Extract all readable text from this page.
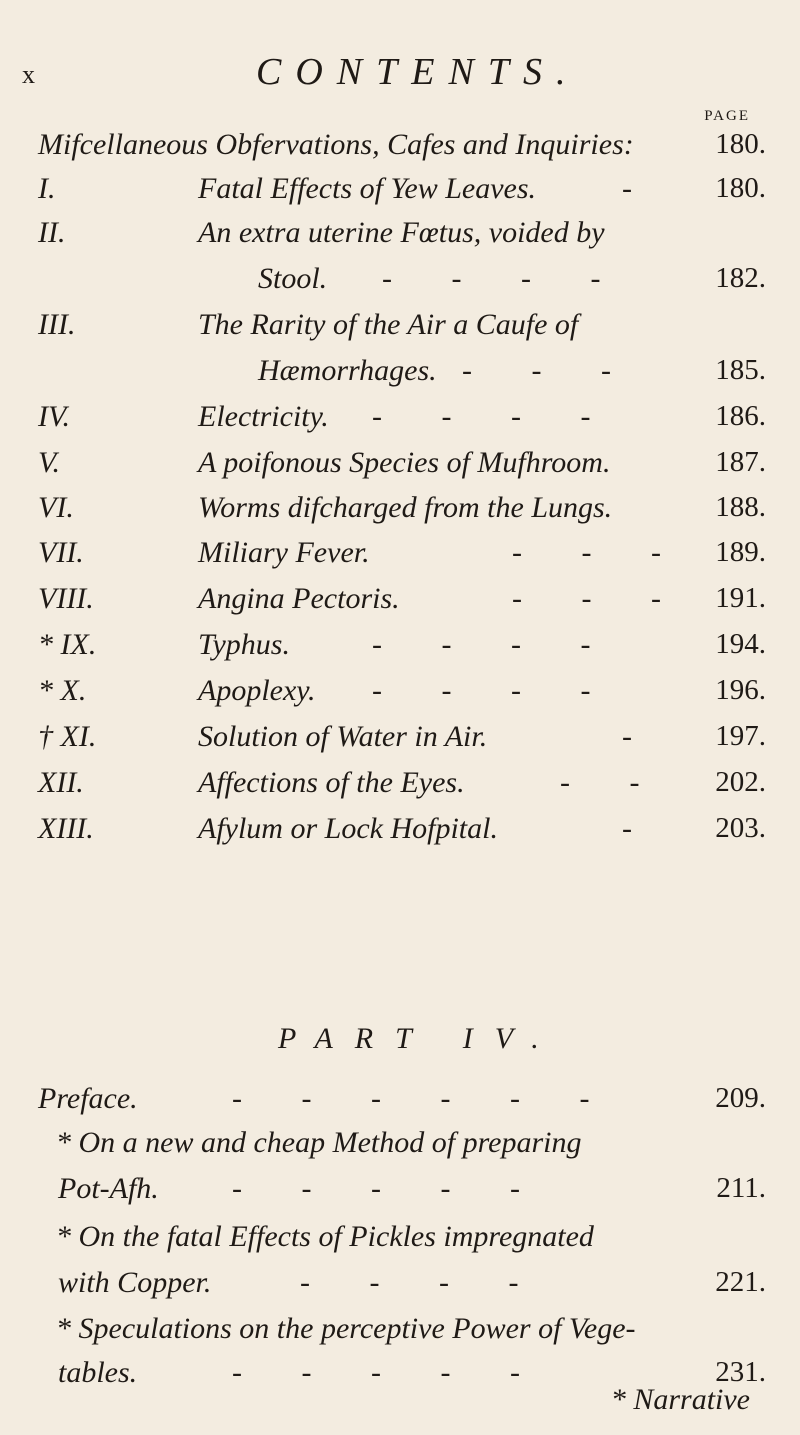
x	CONTENTS.
PAGE
Mifcellaneous Obfervations, Cafes and Inquiries:	180.
I.	Fatal Effects of Yew Leaves.	- 180.
II.	An extra uterine Fœtus, voided by
Stool. - - - -	182.
III.	The Rarity of the Air a Caufe of
Hæmorrhages. - - -	185.
IV.	Electricity. - - - -	186.
V.	A poifonous Species of Mufhroom.	187.
VI.	Worms difcharged from the Lungs.	188.
VII.	Miliary Fever.	- - - 189.
VIII.	Angina Pectoris.	- - - 191.
* IX.	Typhus.	- - - -	194.
* X.	Apoplexy. - - - -	196.
† XI.	Solution of Water in Air.	- 197.
XII.	Affections of the Eyes.	- - 202.
XIII.	Afylum or Lock Hofpital.	- 203.
PART IV.
Preface.	- - - - - -	209.
* On a new and cheap Method of preparing
Pot-Afh. - - - - -	211.
* On the fatal Effects of Pickles impregnated
with Copper.	- - - -	221.
* Speculations on the perceptive Power of Vege-
tables.	- - - - -	231.
* Narrative
